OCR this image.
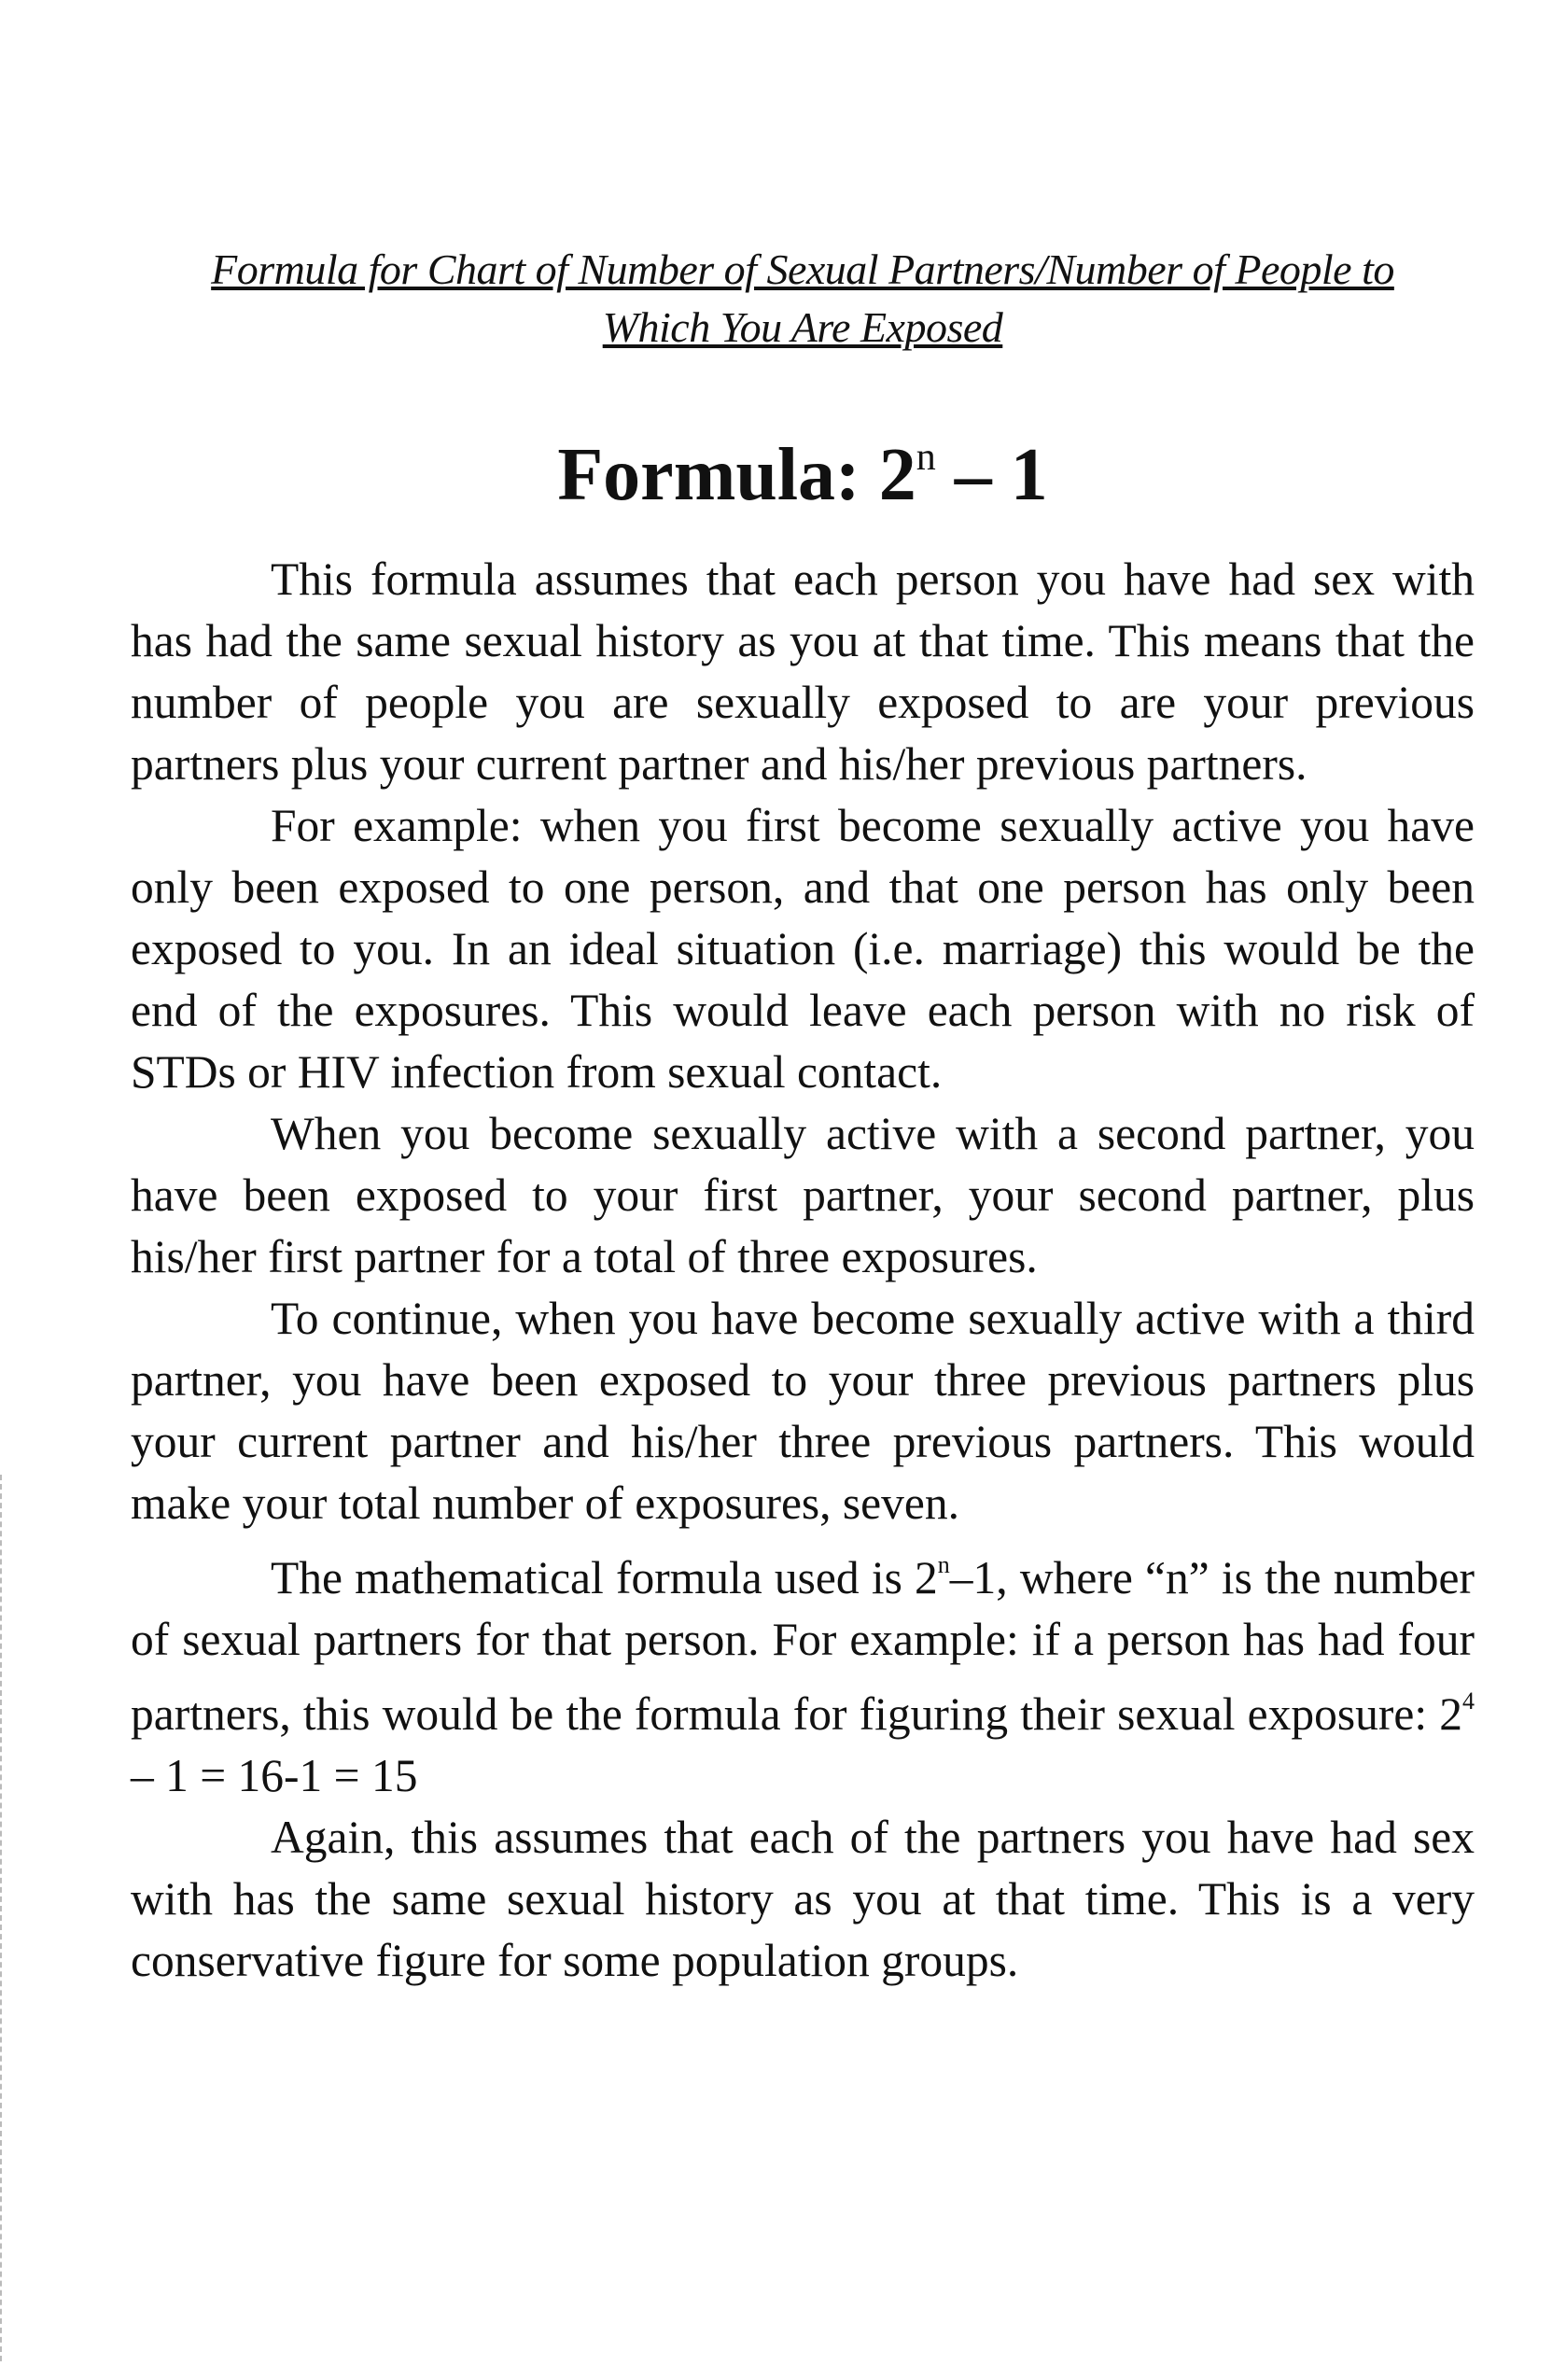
Formula for Chart of Number of Sexual Partners/Number of People to
Which You Are Exposed
Formula: 2$^n$ – 1

This formula assumes that each person you have had sex with has had the same sexual history as you at that time. This means that the number of people you are sexually exposed to are your previous partners plus your current partner and his/her previous partners.

For example: when you first become sexually active you have only been exposed to one person, and that one person has only been exposed to you. In an ideal situation (i.e. marriage) this would be the end of the exposures. This would leave each person with no risk of STDs or HIV infection from sexual contact.

When you become sexually active with a second partner, you have been exposed to your first partner, your second partner, plus his/her first partner for a total of three exposures.

To continue, when you have become sexually active with a third partner, you have been exposed to your three previous partners plus your current partner and his/her three previous partners. This would make your total number of exposures, seven.

The mathematical formula used is 2$^n$–1, where “n” is the number of sexual partners for that person. For example: if a person has had four partners, this would be the formula for figuring their sexual exposure: $2^4 - 1 = 16-1 = 15$

Again, this assumes that each of the partners you have had sex with has the same sexual history as you at that time. This is a very conservative figure for some population groups.
